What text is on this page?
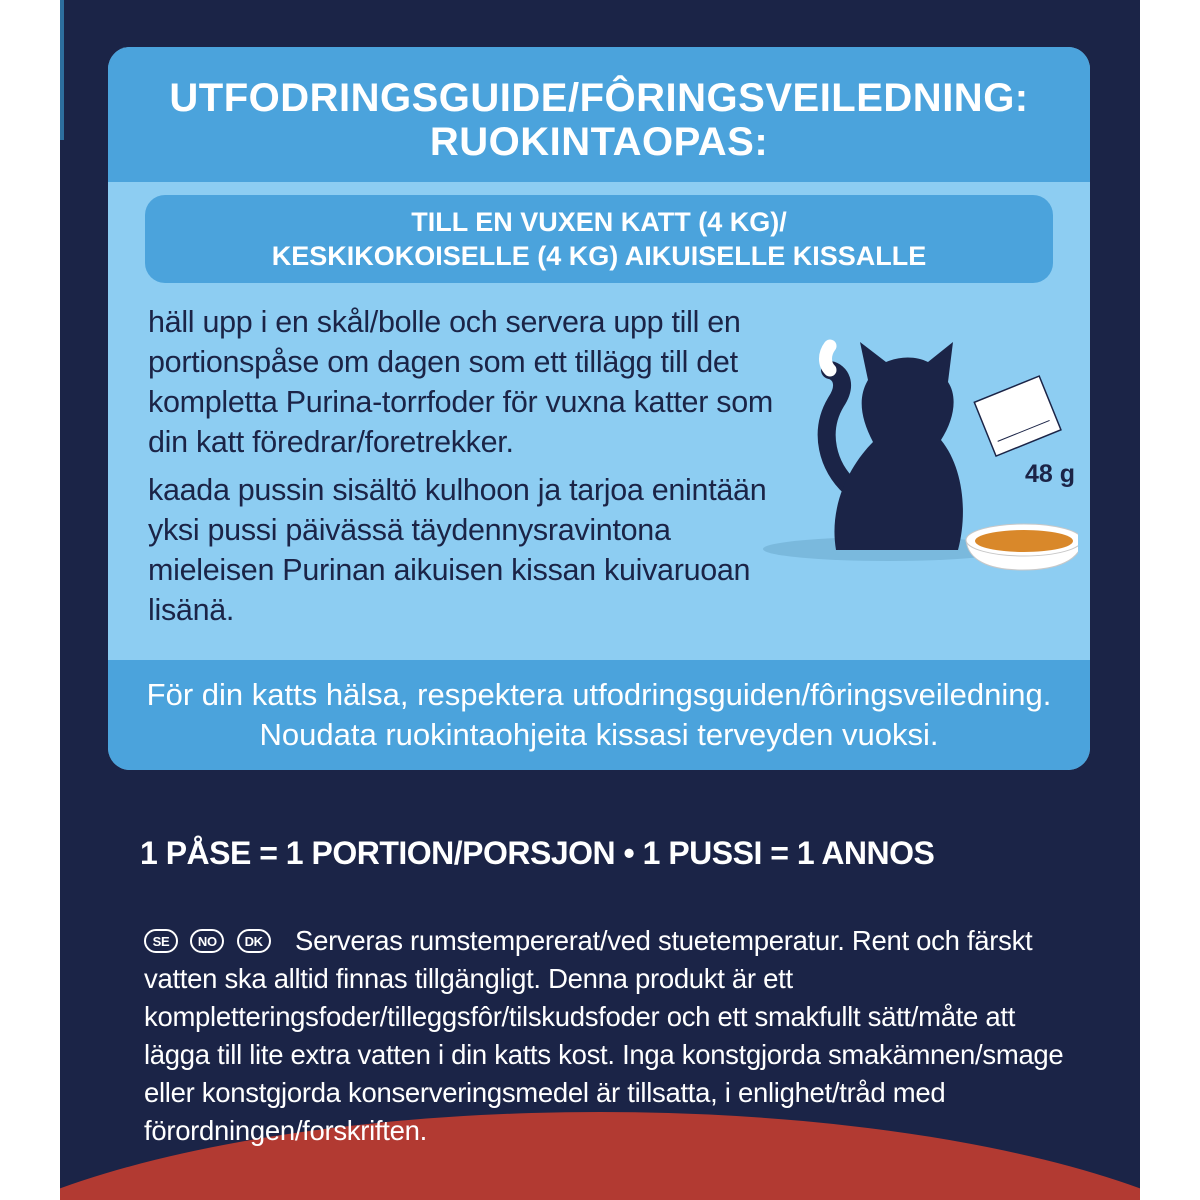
UTFODRINGSGUIDE/FÔRINGSVEILEDNING:
RUOKINTAOPAS:
TILL EN VUXEN KATT (4 KG)/
KESKIKOKOISELLE (4 KG) AIKUISELLE KISSALLE

häll upp i en skål/bolle och servera upp till en portionspåse om dagen som ett tillägg till det kompletta Purina-torrfoder för vuxna katter som din katt föredrar/foretrekker.

kaada pussin sisältö kulhoon ja tarjoa enintään yksi pussi päivässä täydennysravintona mieleisen Purinan aikuisen kissan kuivaruoan lisänä.

48 g
För din katts hälsa, respektera utfodringsguiden/fôringsveiledning.
Noudata ruokintaohjeita kissasi terveyden vuoksi.
1 PÅSE = 1 PORTION/PORSJON • 1 PUSSI = 1 ANNOS
SE NO DK Serveras rumstempererat/ved stuetemperatur. Rent och färskt vatten ska alltid finnas tillgängligt. Denna produkt är ett kompletteringsfoder/tilleggsfôr/tilskudsfoder och ett smakfullt sätt/måte att lägga till lite extra vatten i din katts kost. Inga konstgjorda smakämnen/smage eller konstgjorda konserveringsmedel är tillsatta, i enlighet/tråd med förordningen/forskriften.
